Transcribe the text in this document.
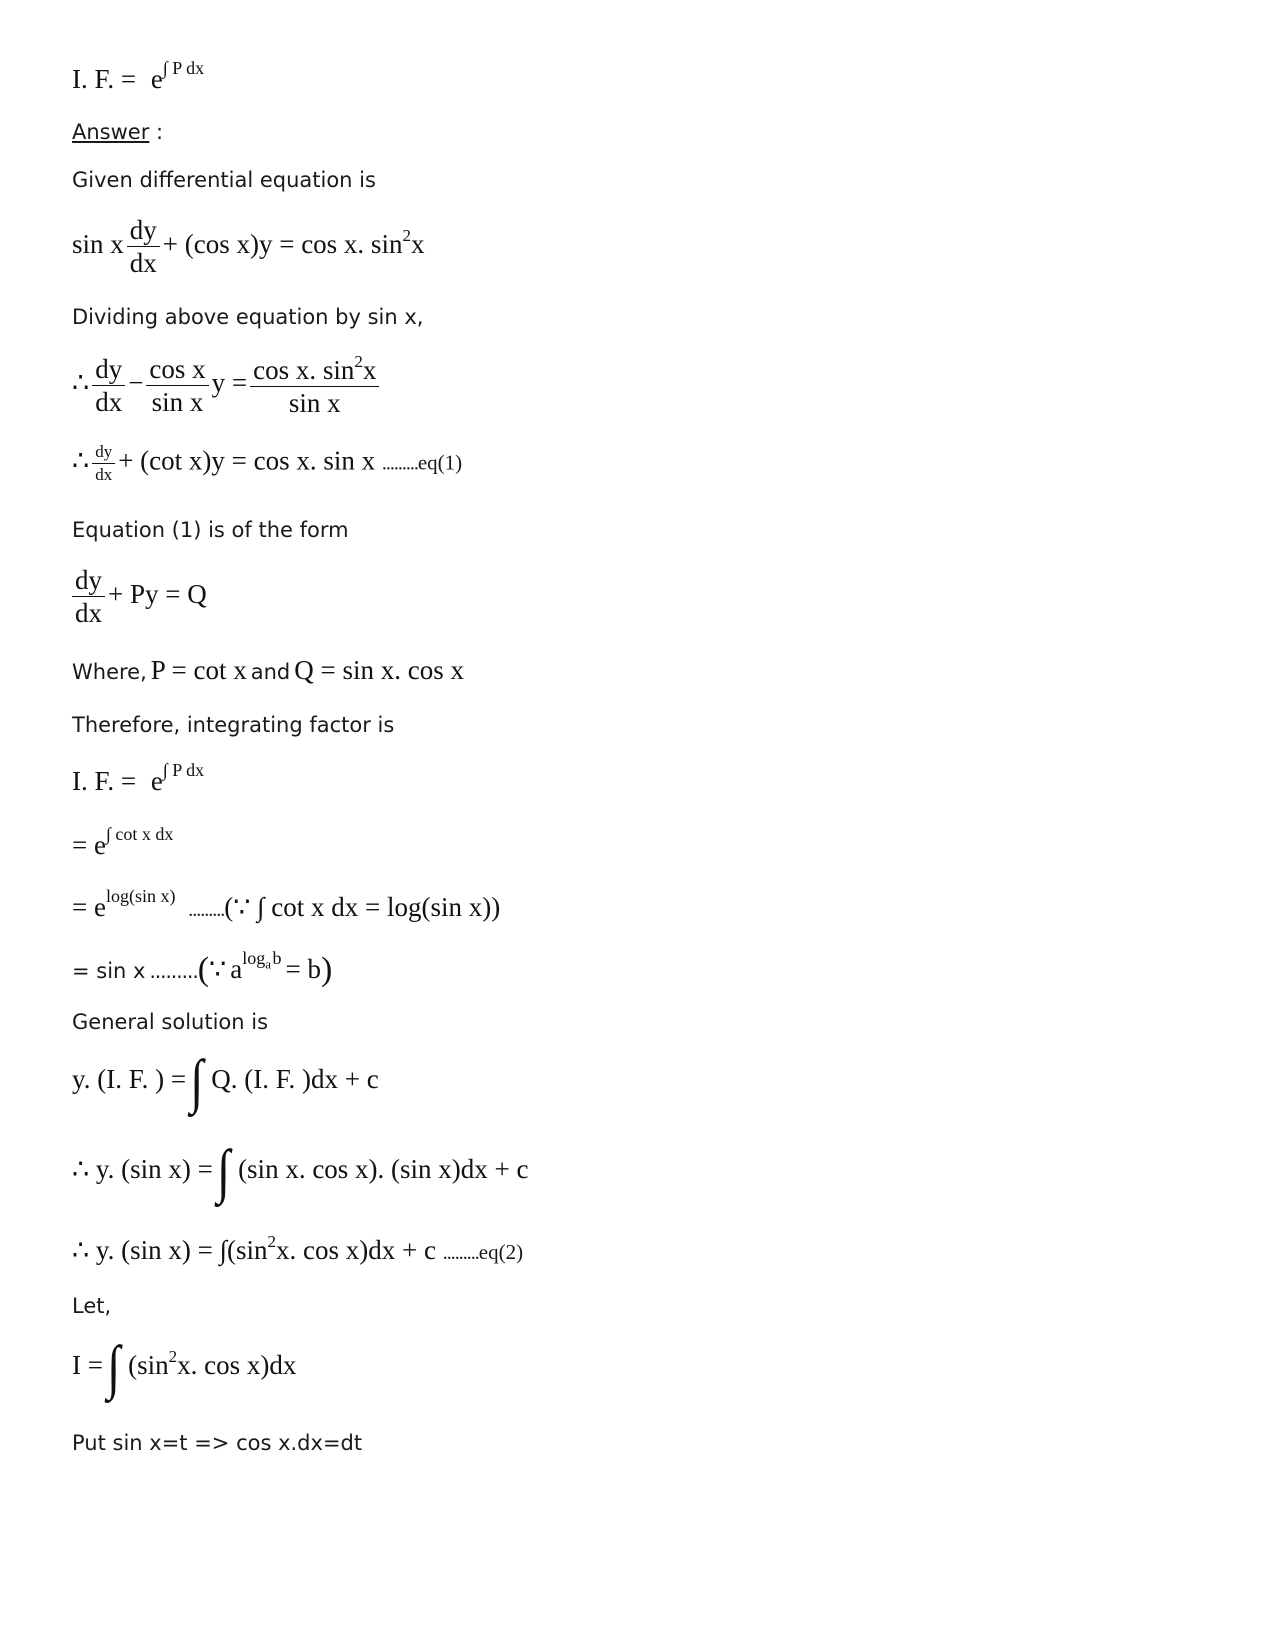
I. F. = $e^{\int P dx}$
Answer :
Given differential equation is
sin x $\frac{dy}{dx} + (\cos$ x)y = cos x. $\sin^2x$
Dividing above equation by sin x,
∴ $\frac{dy}{dx} - \frac{\text{cos x}}{\text{sin x}}$ $y = \frac{\cos x. \sin^2x}{\text{sin x}}$
∴ $\frac{dy}{dx} + (\cot$ x)y = cos x. sin x .........eq(1)
Equation (1) is of the form
$\frac{dy}{dx} + Py = Q$
Where, P = cot x and Q = sin x. cos x
Therefore, integrating factor is
I. F. = $e^{\int P dx}$
= $e^{\int cot x dx}$
= $e^{log(sin x)}$ .........(∵ ∫ cot x dx = log(sin x))
= sin x .........(∵ alog$_a$ b = b)
General solution is
y. (I. F. ) =∫ Q. (I. F. )dx + c
∴ y. (sin x) =∫ (sin x. cos x). (sin x)dx + c
∴ y. (sin $x) = \int(\sin^2x$. cos x)dx + c .........eq(2)
Let,
I =∫ ($\sin^2x$. cos x)dx
Put sin x=t => cos x.dx=dt
